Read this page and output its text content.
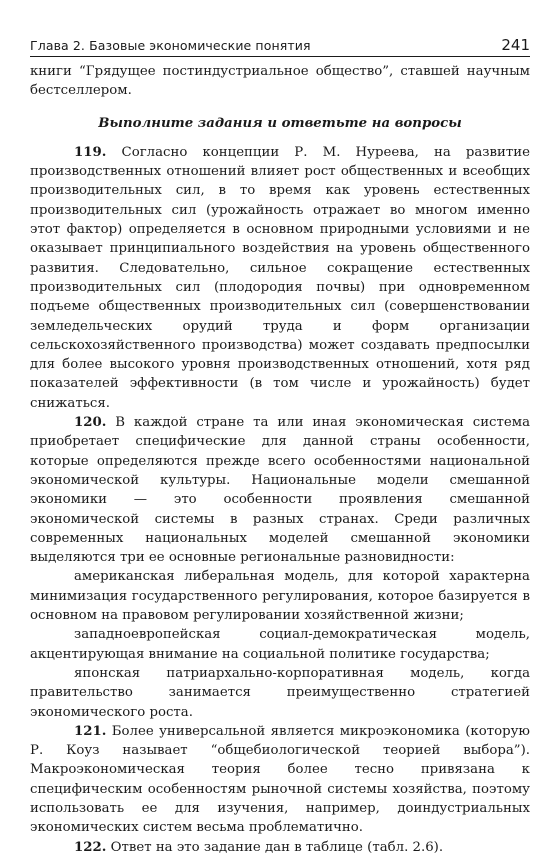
Глава 2. Базовые экономические понятия	241

книги “Грядущее постиндустриальное общество”, ставшей научным бестселлером.

Выполните задания и ответьте на вопросы

119. Согласно концепции Р. М. Нуреева, на развитие производственных отношений влияет рост общественных и всеобщих производительных сил, в то время как уровень естественных производительных сил (урожайность отражает во многом именно этот фактор) определяется в основном природными условиями и не оказывает принципиального воздействия на уровень общественного развития. Следовательно, сильное сокращение естественных производительных сил (плодородия почвы) при одновременном подъеме общественных производительных сил (совершенствовании земледельческих орудий труда и форм организации сельскохозяйственного производства) может создавать предпосылки для более высокого уровня производственных отношений, хотя ряд показателей эффективности (в том числе и урожайность) будет снижаться.

120. В каждой стране та или иная экономическая система приобретает специфические для данной страны особенности, которые определяются прежде всего особенностями национальной экономической культуры. Национальные модели смешанной экономики — это особенности проявления смешанной экономической системы в разных странах. Среди различных современных национальных моделей смешанной экономики выделяются три ее основные региональные разновидности:

американская либеральная модель, для которой характерна минимизация государственного регулирования, которое базируется в основном на правовом регулировании хозяйственной жизни;

западноевропейская социал-демократическая модель, акцентирующая внимание на социальной политике государства;

японская патриархально-корпоративная модель, когда правительство занимается преимущественно стратегией экономического роста.

121. Более универсальной является микроэкономика (которую Р. Коуз называет “общебиологической теорией выбора”). Макроэкономическая теория более тесно привязана к специфическим особенностям рыночной системы хозяйства, поэтому использовать ее для изучения, например, доиндустриальных экономических систем весьма проблематично.

122. Ответ на это задание дан в таблице (табл. 2.6).
